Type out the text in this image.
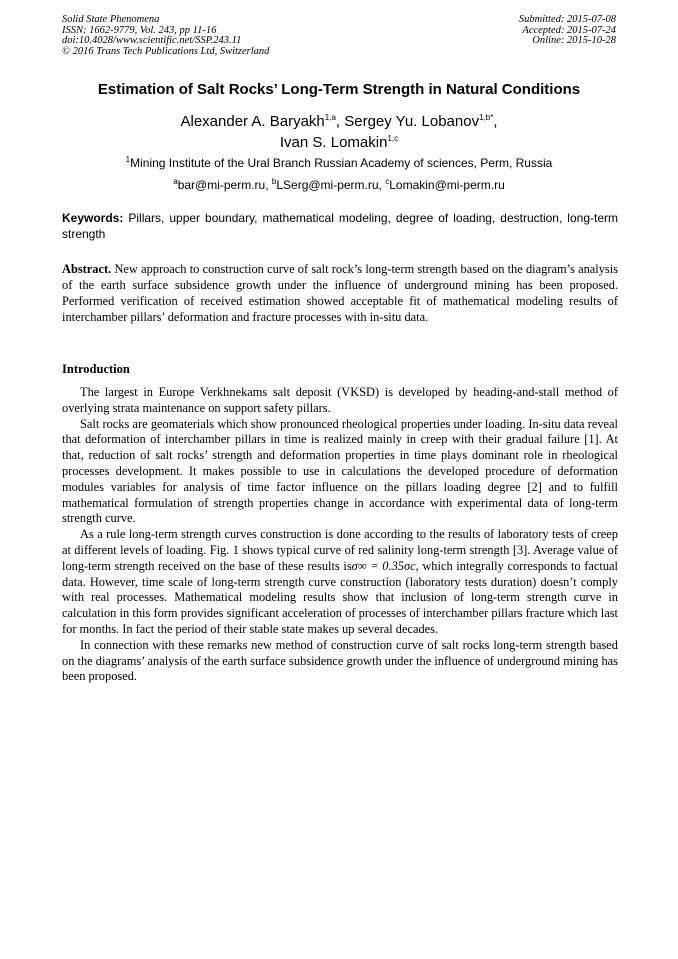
Solid State Phenomena
ISSN: 1662-9779, Vol. 243, pp 11-16
doi:10.4028/www.scientific.net/SSP.243.11
© 2016 Trans Tech Publications Ltd, Switzerland
Submitted: 2015-07-08
Accepted: 2015-07-24
Online: 2015-10-28
Estimation of Salt Rocks’ Long-Term Strength in Natural Conditions
Alexander A. Baryakh$^{1,a}$, Sergey Yu. Lobanov$^{1,b*}$,
Ivan S. Lomakin$^{1,c}$
$^1$Mining Institute of the Ural Branch Russian Academy of sciences, Perm, Russia
$^a$bar@mi-perm.ru, $^b$LSerg@mi-perm.ru, $^c$Lomakin@mi-perm.ru
Keywords: Pillars, upper boundary, mathematical modeling, degree of loading, destruction, long-term strength
Abstract. New approach to construction curve of salt rock’s long-term strength based on the diagram’s analysis of the earth surface subsidence growth under the influence of underground mining has been proposed. Performed verification of received estimation showed acceptable fit of mathematical modeling results of interchamber pillars’ deformation and fracture processes with in-situ data.
Introduction

The largest in Europe Verkhnekams salt deposit (VKSD) is developed by heading-and-stall method of overlying strata maintenance on support safety pillars.

Salt rocks are geomaterials which show pronounced rheological properties under loading. In-situ data reveal that deformation of interchamber pillars in time is realized mainly in creep with their gradual failure [1]. At that, reduction of salt rocks’ strength and deformation properties in time plays dominant role in rheological processes development. It makes possible to use in calculations the developed procedure of deformation modules variables for analysis of time factor influence on the pillars loading degree [2] and to fulfill mathematical formulation of strength properties change in accordance with experimental data of long-term strength curve.

As a rule long-term strength curves construction is done according to the results of laboratory tests of creep at different levels of loading. Fig. 1 shows typical curve of red salinity long-term strength [3]. Average value of long-term strength received on the base of these results isσ∞ = 0.35σc, which integrally corresponds to factual data. However, time scale of long-term strength curve construction (laboratory tests duration) doesn’t comply with real processes. Mathematical modeling results show that inclusion of long-term strength curve in calculation in this form provides significant acceleration of processes of interchamber pillars fracture which last for months. In fact the period of their stable state makes up several decades.

In connection with these remarks new method of construction curve of salt rocks long-term strength based on the diagrams’ analysis of the earth surface subsidence growth under the influence of underground mining has been proposed.
